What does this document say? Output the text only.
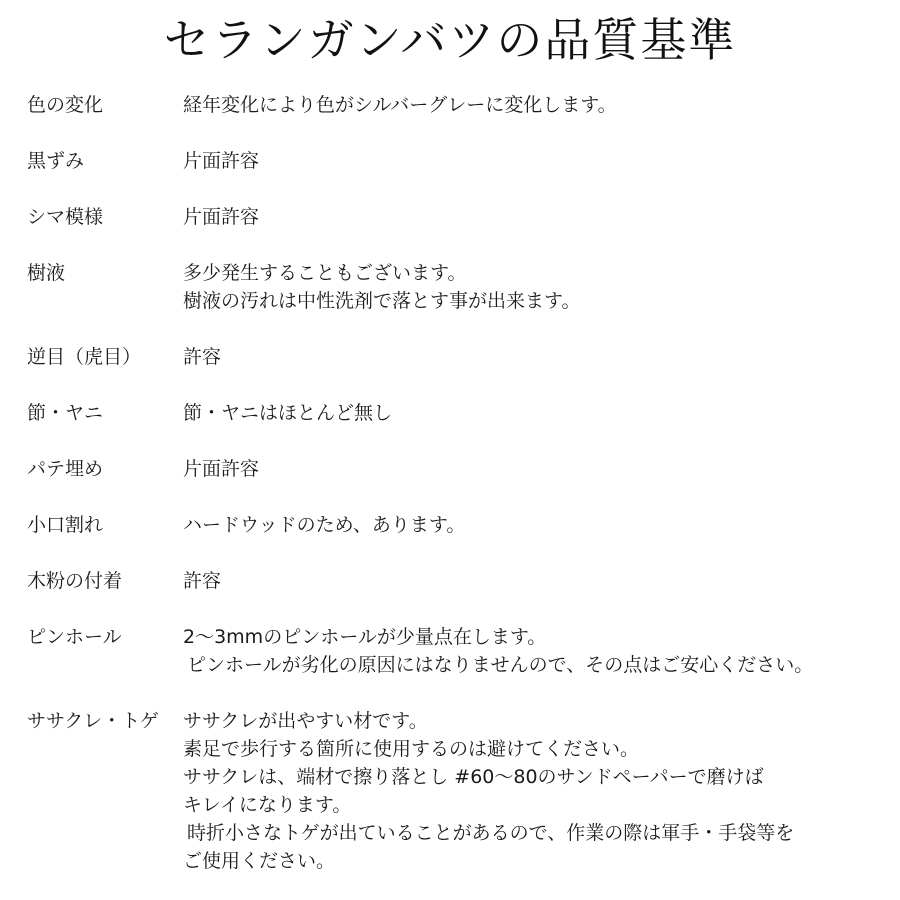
セランガンバツの品質基準
色の変化	経年変化により色がシルバーグレーに変化します。
黒ずみ	片面許容
シマ模様	片面許容
樹液	多少発生することもございます。
樹液の汚れは中性洗剤で落とす事が出来ます。
逆目（虎目） 許容
節・ヤニ	節・ヤニはほとんど無し
パテ埋め	片面許容
小口割れ	ハードウッドのため、あります。
木粉の付着	許容
ピンホール	2〜3mmのピンホールが少量点在します。
ピンホールが劣化の原因にはなりませんので、その点はご安心ください。
ササクレ・トゲ ササクレが出やすい材です。
素足で歩行する箇所に使用するのは避けてください。
ササクレは、端材で擦り落とし #60〜80のサンドペーパーで磨けば
キレイになります。
時折小さなトゲが出ていることがあるので、作業の際は軍手・手袋等を
ご使用ください。
